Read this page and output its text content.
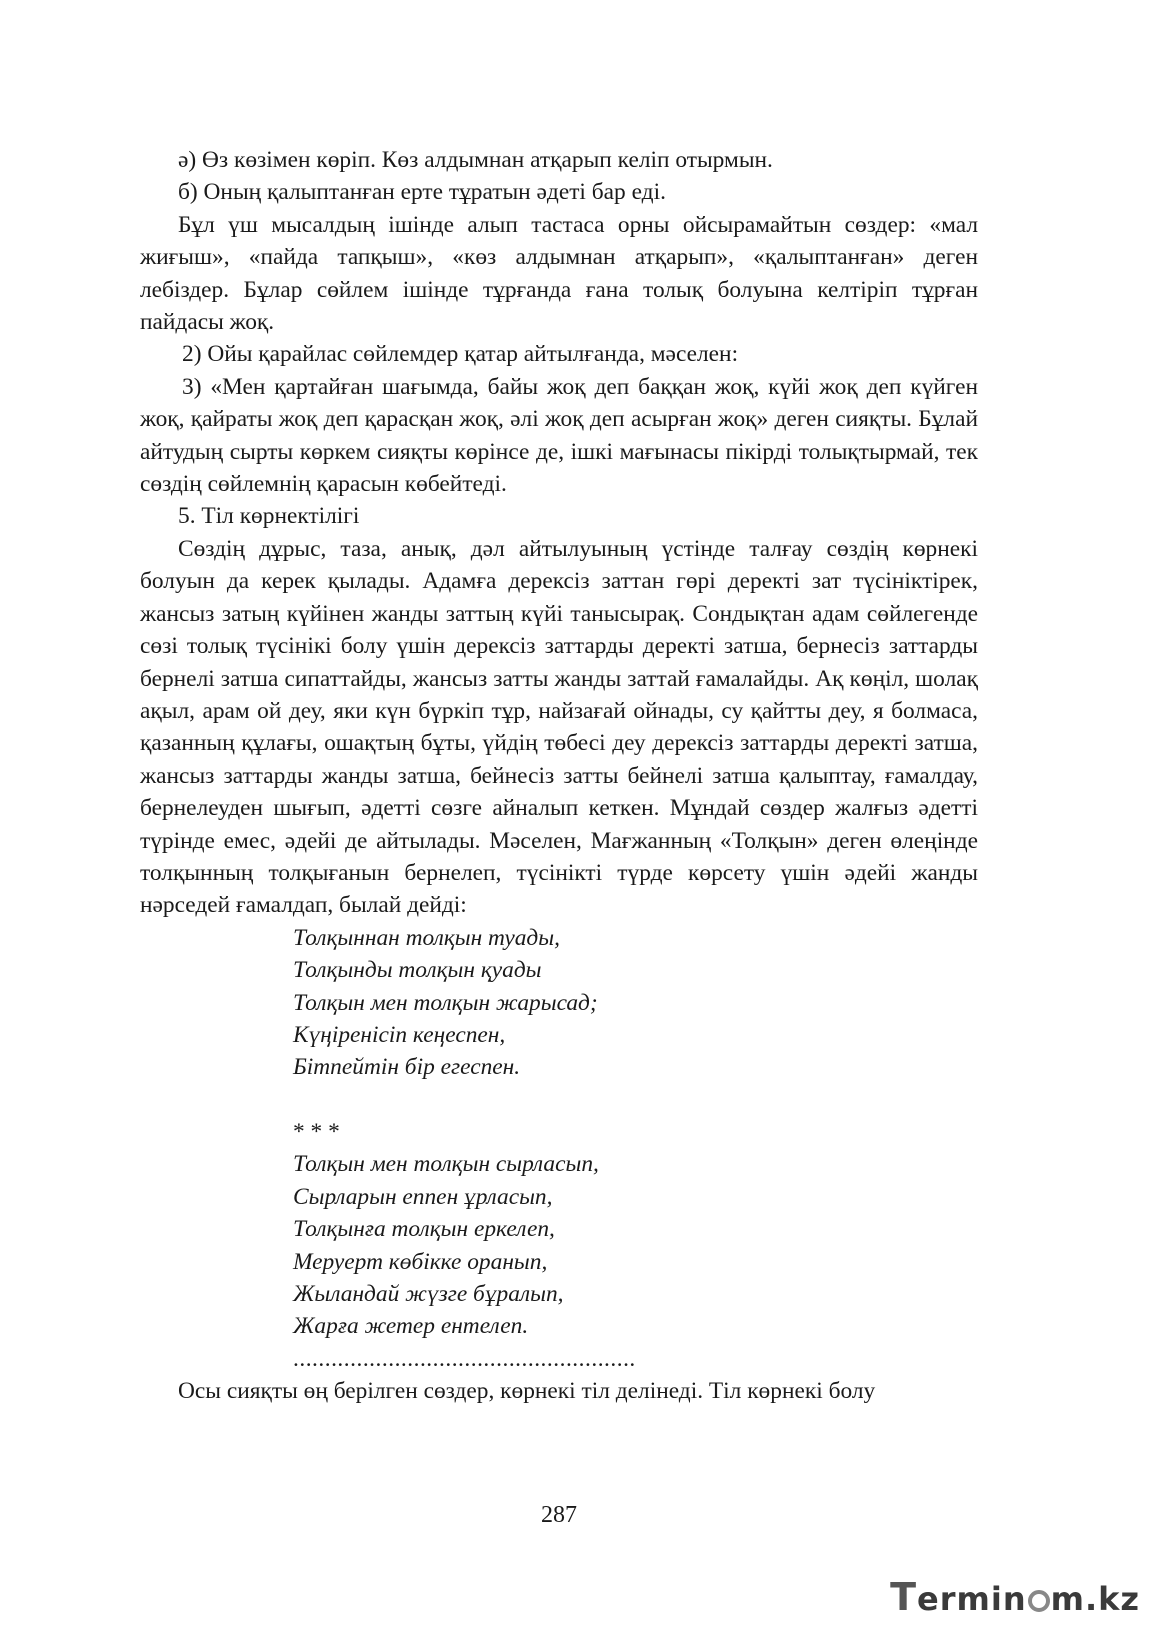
ә) Өз көзімен көріп. Көз алдымнан атқарып келіп отырмын.

б) Оның қалыптанған ерте тұратын әдеті бар еді.

Бұл үш мысалдың ішінде алып тастаса орны ойсырамайтын сөздер: «мал жиғыш», «пайда тапқыш», «көз алдымнан атқарып», «қалыптанған» деген лебіздер. Бұлар сөйлем ішінде тұрғанда ғана толық болуына келтіріп тұрған пайдасы жоқ.

2) Ойы қарайлас сөйлемдер қатар айтылғанда, мәселен:

3) «Мен қартайған шағымда, байы жоқ деп баққан жоқ, күйі жоқ деп күйген жоқ, қайраты жоқ деп қарасқан жоқ, әлі жоқ деп асырған жоқ» деген сияқты. Бұлай айтудың сырты көркем сияқты көрінсе де, ішкі мағынасы пікірді толықтырмай, тек сөздің сөйлемнің қарасын көбейтеді.

5. Тіл көрнектілігі

Сөздің дұрыс, таза, анық, дәл айтылуының үстінде талғау сөздің көрнекі болуын да керек қылады. Адамға дерексіз заттан гөрі деректі зат түсініктірек, жансыз затың күйінен жанды заттың күйі танысырақ. Сондықтан адам сөйлегенде сөзі толық түсінікі болу үшін дерексіз заттарды деректі затша, бернесіз заттарды бернелі затша сипаттайды, жансыз затты жанды заттай ғамалайды. Ақ көңіл, шолақ ақыл, арам ой деу, яки күн бүркіп тұр, найзағай ойнады, су қайтты деу, я болмаса, қазанның құлағы, ошақтың бұты, үйдің төбесі деу дерексіз заттарды деректі затша, жансыз заттарды жанды затша, бейнесіз затты бейнелі затша қалыптау, ғамалдау, бернелеуден шығып, әдетті сөзге айналып кеткен. Мұндай сөздер жалғыз әдетті түрінде емес, әдейі де айтылады. Мәселен, Мағжанның «Толқын» деген өлеңінде толқынның толқығанын бернелеп, түсінікті түрде көрсету үшін әдейі жанды нәрседей ғамалдап, былай дейді:

Толқыннан толқын туады,
Толқынды толқын қуады
Толқын мен толқын жарысад;
Күңіренісіп кеңеспен,
Бітпейтін бір егеспен.
* * *
Толқын мен толқын сырласып,
Сырларын еппен ұрласып,
Толқынға толқын еркелеп,
Меруерт көбікке оранып,
Жыландай жүзге бұралып,
Жарға жетер ентелеп.
......................................................

Осы сияқты өң берілген сөздер, көрнекі тіл делінеді. Тіл көрнекі болу

287
Termin m.kz
